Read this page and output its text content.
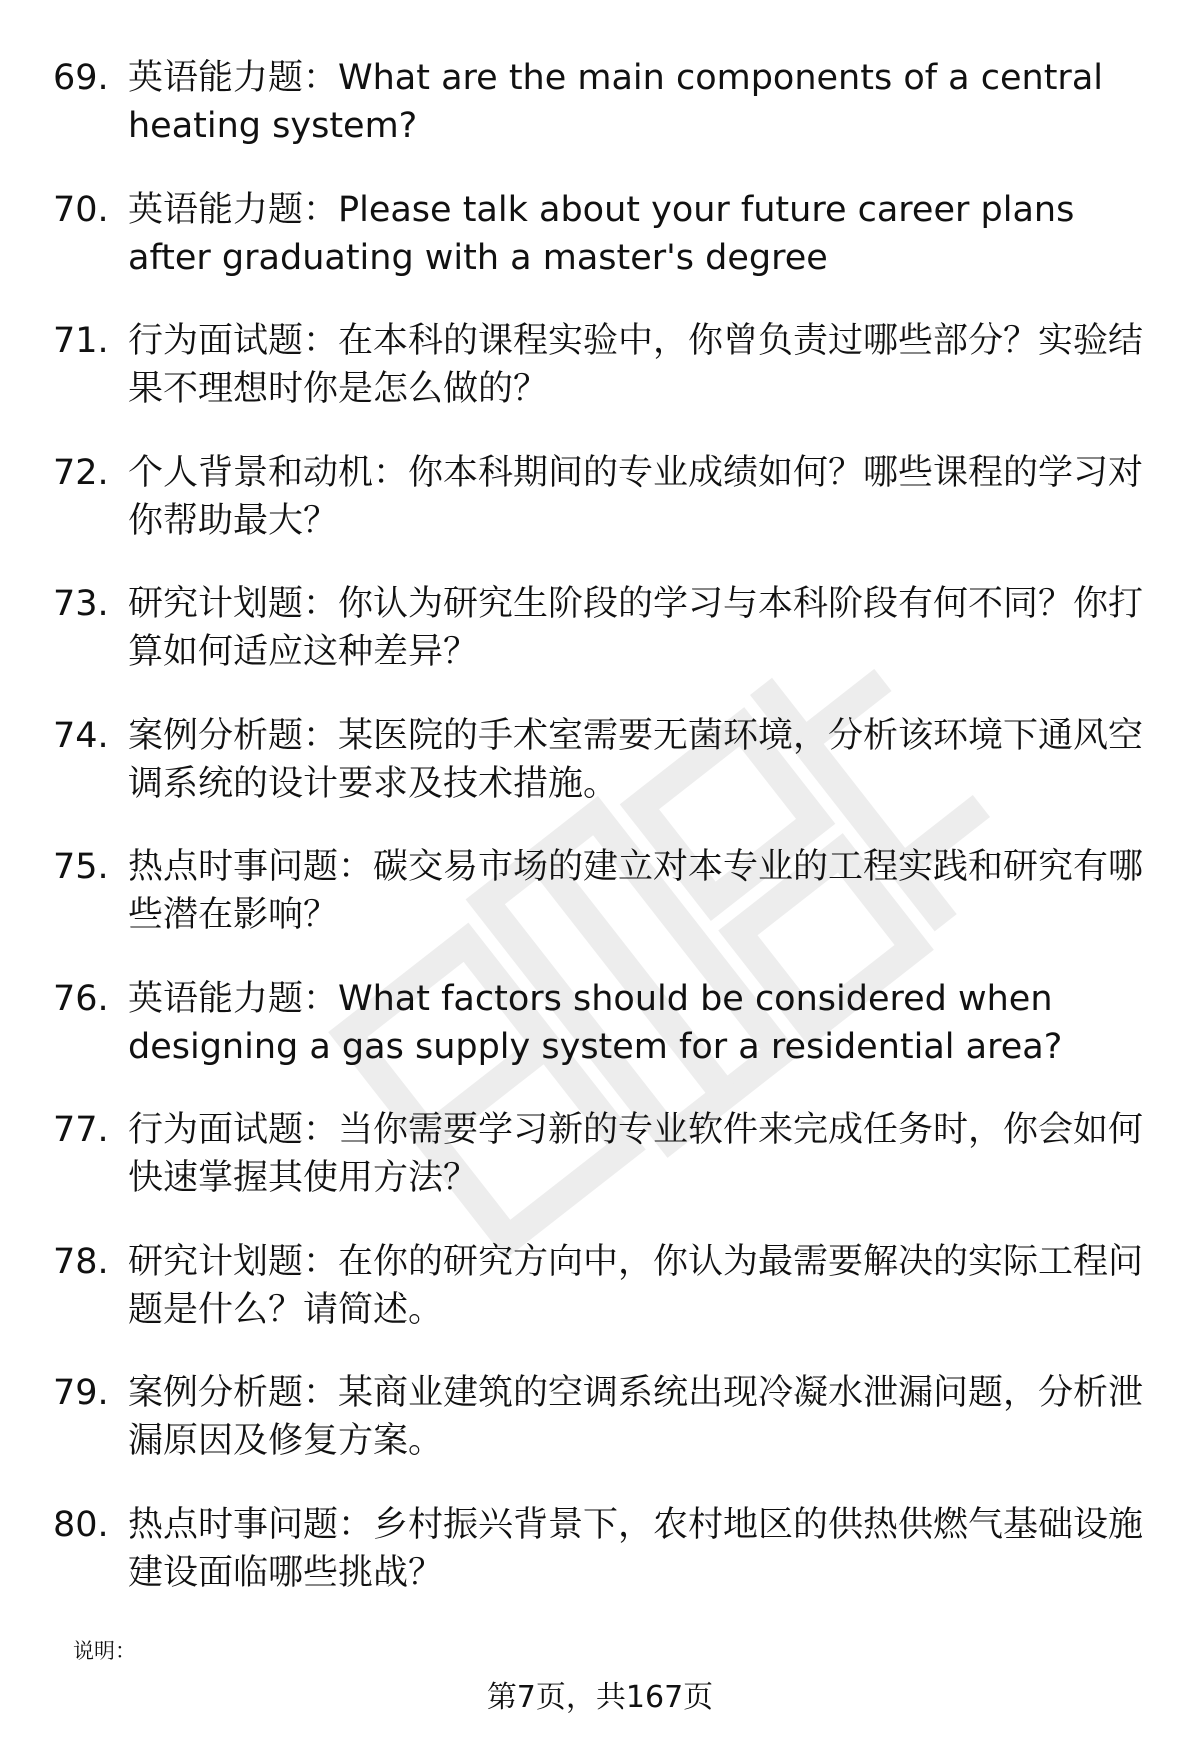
69. 英语能力题：What are the main components of a central heating system?
70. 英语能力题：Please talk about your future career plans after graduating with a master's degree
71. 行为面试题：在本科的课程实验中，你曾负责过哪些部分？实验结果不理想时你是怎么做的？
72. 个人背景和动机：你本科期间的专业成绩如何？哪些课程的学习对你帮助最大？
73. 研究计划题：你认为研究生阶段的学习与本科阶段有何不同？你打算如何适应这种差异？
74. 案例分析题：某医院的手术室需要无菌环境，分析该环境下通风空调系统的设计要求及技术措施。
75. 热点时事问题：碳交易市场的建立对本专业的工程实践和研究有哪些潜在影响？
76. 英语能力题：What factors should be considered when designing a gas supply system for a residential area?
77. 行为面试题：当你需要学习新的专业软件来完成任务时，你会如何快速掌握其使用方法？
78. 研究计划题：在你的研究方向中，你认为最需要解决的实际工程问题是什么？请简述。
79. 案例分析题：某商业建筑的空调系统出现冷凝水泄漏问题，分析泄漏原因及修复方案。
80. 热点时事问题：乡村振兴背景下，农村地区的供热供燃气基础设施建设面临哪些挑战？
说明：
第7页，共167页
